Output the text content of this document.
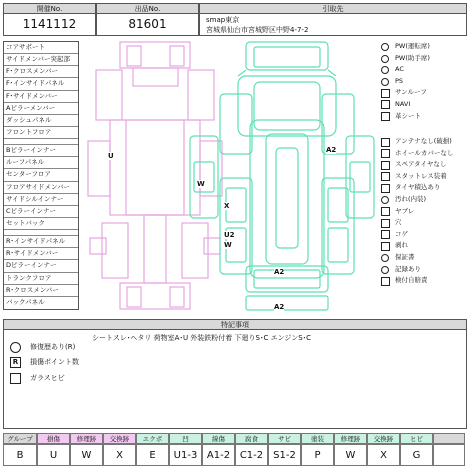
開催No.
1141112
出品No.
81601
引取先
smap東京
宮城県仙台市宮城野区中野4-7-2
コアサポート
サイドメンバー突起部
F･クロスメンバー
F･インサイドパネル
F･サイドメンバー
Aピラーメンバー
ダッシュパネル
フロントフロア
Bピラーインナー
ルーフパネル
センターフロア
フロアサイドメンバー
サイドシルインナー
Cピラーインナー
セットバック
R･インサイドパネル
R･サイドメンバー
Dピラーインナー
トランクフロア
R･クロスメンバー
バックパネル
U
W
X
U2
W
A2
A2
A2
PW(運転席)
PW(助手席)
AC
PS
サンルーフ
NAVI
革シート
アンテナなし(破損)
ホイールカバーなし
スペアタイヤなし
スタットレス装着
タイヤ積込あり
汚れ(内装)
ヤブレ
穴
コゲ
剥れ
保証書
記録あり
検付自賠責
特記事項
シートスレ･ヘタリ 荷物室A･U 外装鉄粉付着 下廻りS･C エンジンS･C
修復歴あり(R)
R	損傷ポイント数
ガラスヒビ
グループ
B
損傷
U
修理跡
W
交換跡
X
エクボ
E
凹
U1-3
線傷
A1-2
腐食
C1-2
サビ
S1-2
塗装
P
修理跡
W
交換跡
X
ヒビ
G
